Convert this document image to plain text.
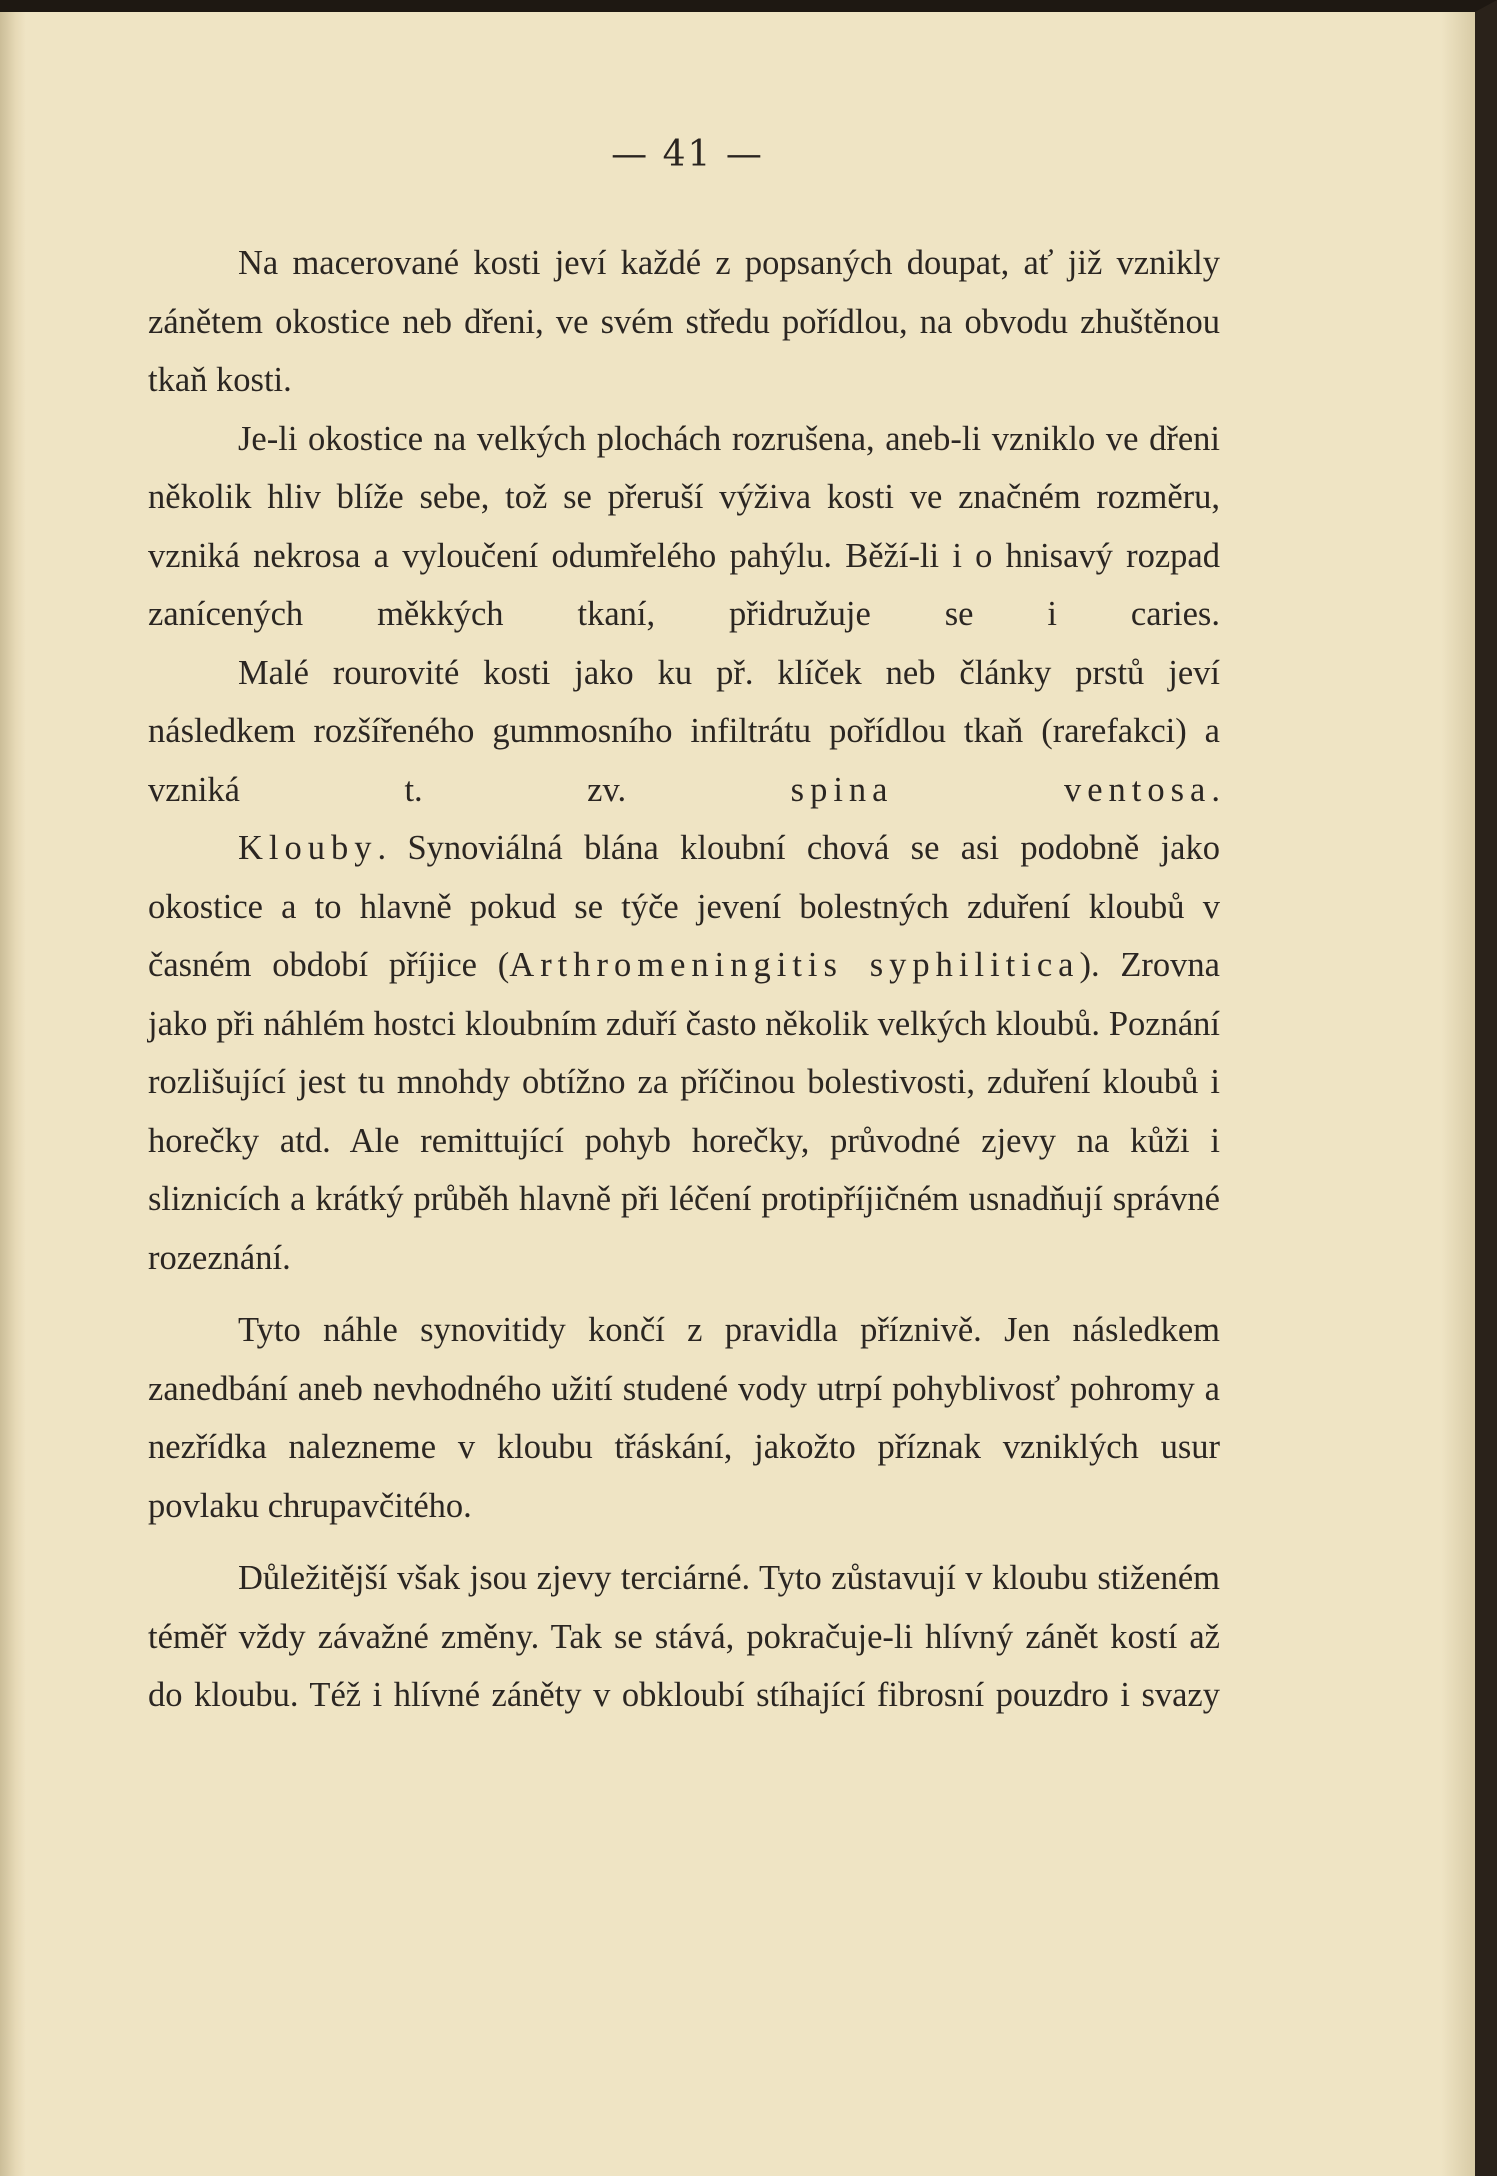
— 41 —

Na macerované kosti jeví každé z popsaných doupat, ať již vznikly zánětem okostice neb dřeni, ve svém středu pořídlou, na obvodu zhuštěnou tkaň kosti.

Je-li okostice na velkých plochách rozrušena, aneb-li vzniklo ve dřeni několik hliv blíže sebe, tož se přeruší výživa kosti ve značném rozměru, vzniká nekrosa a vyloučení odumřelého pahýlu. Běží-li i o hnisavý rozpad zanícených měkkých tkaní, přidružuje se i caries.

Malé rourovité kosti jako ku př. klíček neb články prstů jeví následkem rozšířeného gummosního infiltrátu pořídlou tkaň (rarefakci) a vzniká t. zv. spina ventosa.

Klouby. Synoviálná blána kloubní chová se asi podobně jako okostice a to hlavně pokud se týče jevení bolestných zduření kloubů v časném období příjice (Arthromeningitis syphilitica). Zrovna jako při náhlém hostci kloubním zduří často několik velkých kloubů. Poznání rozlišující jest tu mnohdy obtížno za příčinou bolestivosti, zduření kloubů i horečky atd. Ale remittující pohyb horečky, průvodné zjevy na kůži i sliznicích a krátký průběh hlavně při léčení protipříjičném usnadňují správné rozeznání.

Tyto náhle synovitidy končí z pravidla příznivě. Jen následkem zanedbání aneb nevhodného užití studené vody utrpí pohyblivosť pohromy a nezřídka nalezneme v kloubu třáskání, jakožto příznak vzniklých usur povlaku chrupavčitého.

Důležitější však jsou zjevy terciárné. Tyto zůstavují v kloubu stiženém téměř vždy závažné změny. Tak se stává, pokračuje-li hlívný zánět kostí až do kloubu. Též i hlívné záněty v obkloubí stíhající fibrosní pouzdro i svazy
